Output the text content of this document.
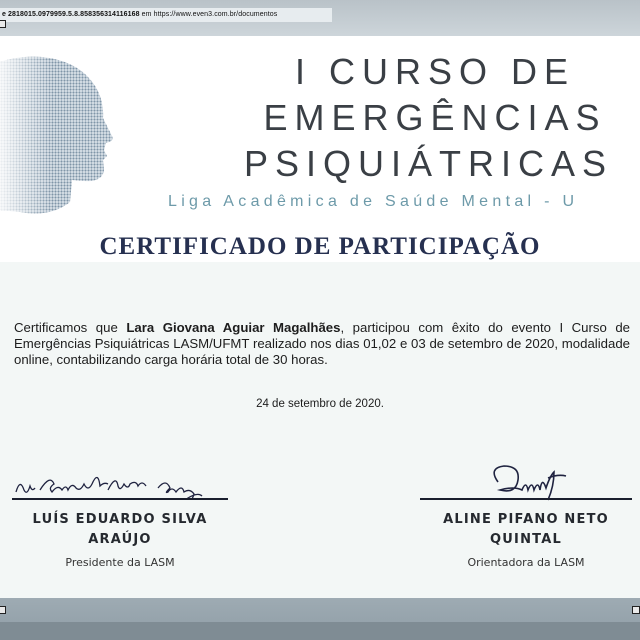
e 2818015.0979959.5.8.858356314116168 em https://www.even3.com.br/documentos
I CURSO DE
EMERGÊNCIAS
PSIQUIÁTRICAS
Liga Acadêmica de Saúde Mental - U
CERTIFICADO DE PARTICIPAÇÃO
Certificamos que Lara Giovana Aguiar Magalhães, participou com êxito do evento I Curso de Emergências Psiquiátricas LASM/UFMT realizado nos dias 01,02 e 03 de setembro de 2020, modalidade online, contabilizando carga horária total de 30 horas.
24 de setembro de 2020.
LUÍS EDUARDO SILVA
ARAÚJO
Presidente da LASM
ALINE PIFANO NETO
QUINTAL
Orientadora da LASM
